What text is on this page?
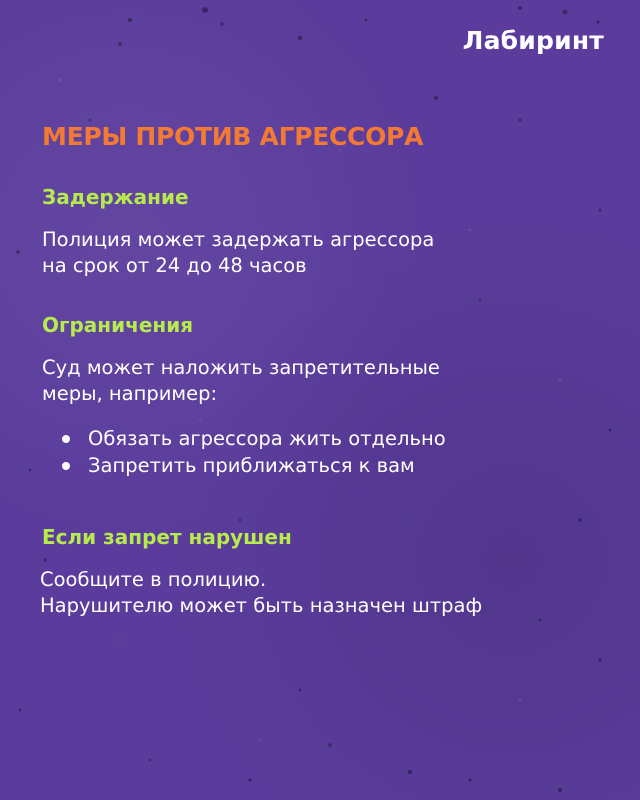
Лабиринт
МЕРЫ ПРОТИВ АГРЕССОРА
Задержание

Полиция может задержать агрессора
на срок от 24 до 48 часов

Ограничения

Суд может наложить запретительные
меры, например:

Обязать агрессора жить отдельно
Запретить приближаться к вам
Если запрет нарушен

Сообщите в полицию.
Нарушителю может быть назначен штраф
